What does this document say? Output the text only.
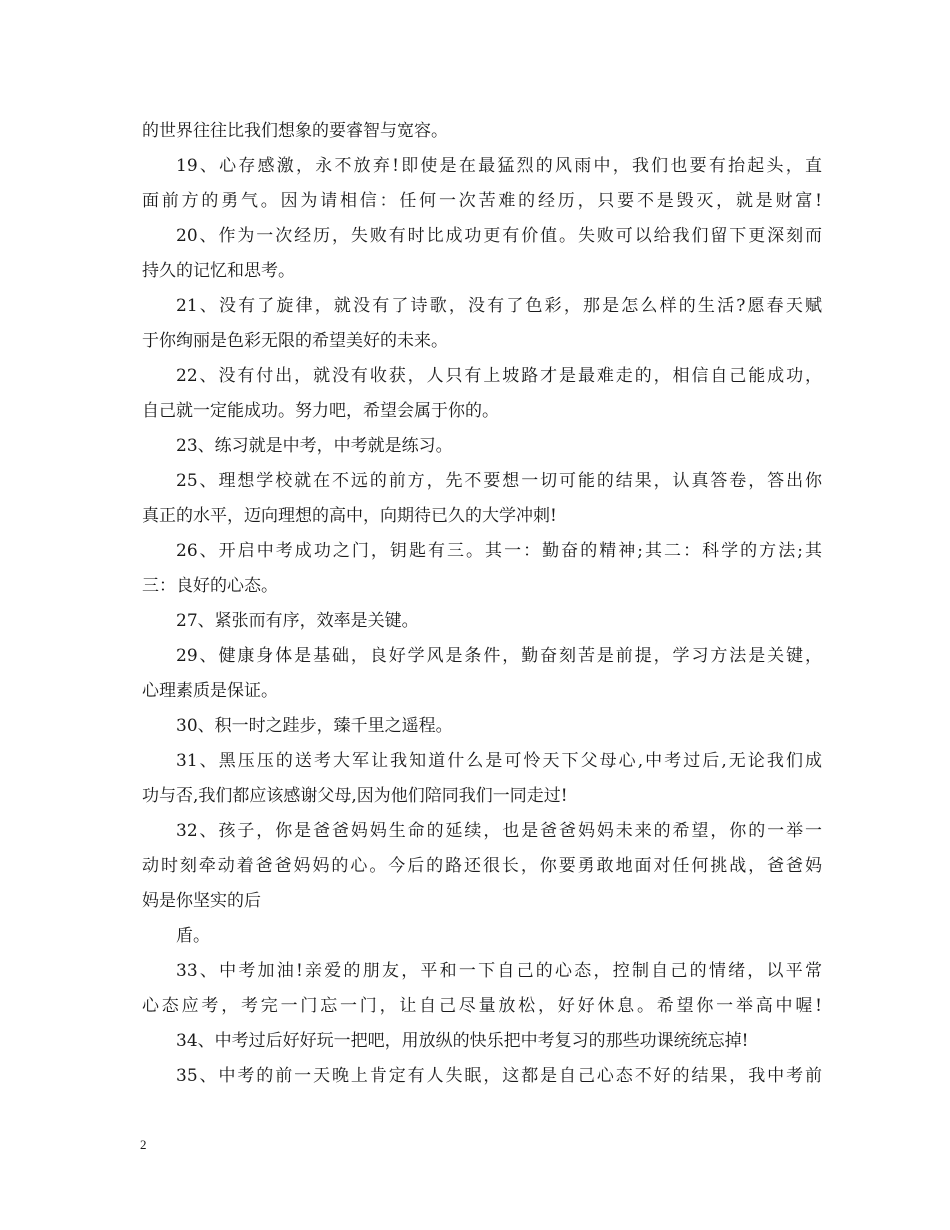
的世界往往比我们想象的要睿智与宽容。
19、心存感激，永不放弃!即使是在最猛烈的风雨中，我们也要有抬起头，直
面前方的勇气。因为请相信：任何一次苦难的经历，只要不是毁灭，就是财富!
20、作为一次经历，失败有时比成功更有价值。失败可以给我们留下更深刻而
持久的记忆和思考。
21、没有了旋律，就没有了诗歌，没有了色彩，那是怎么样的生活?愿春天赋
于你绚丽是色彩无限的希望美好的未来。
22、没有付出，就没有收获，人只有上坡路才是最难走的，相信自己能成功，
自己就一定能成功。努力吧，希望会属于你的。
23、练习就是中考，中考就是练习。
25、理想学校就在不远的前方，先不要想一切可能的结果，认真答卷，答出你
真正的水平，迈向理想的高中，向期待已久的大学冲刺!
26、开启中考成功之门，钥匙有三。其一：勤奋的精神;其二：科学的方法;其
三：良好的心态。
27、紧张而有序，效率是关键。
29、健康身体是基础，良好学风是条件，勤奋刻苦是前提，学习方法是关键，
心理素质是保证。
30、积一时之跬步，臻千里之遥程。
31、黑压压的送考大军让我知道什么是可怜天下父母心,中考过后,无论我们成
功与否,我们都应该感谢父母,因为他们陪同我们一同走过!
32、孩子，你是爸爸妈妈生命的延续，也是爸爸妈妈未来的希望，你的一举一
动时刻牵动着爸爸妈妈的心。今后的路还很长，你要勇敢地面对任何挑战，爸爸妈
妈是你坚实的后
盾。
33、中考加油!亲爱的朋友，平和一下自己的心态，控制自己的情绪，以平常
心态应考，考完一门忘一门，让自己尽量放松，好好休息。希望你一举高中喔!
34、中考过后好好玩一把吧，用放纵的快乐把中考复习的那些功课统统忘掉!
35、中考的前一天晚上肯定有人失眠，这都是自己心态不好的结果，我中考前
2
